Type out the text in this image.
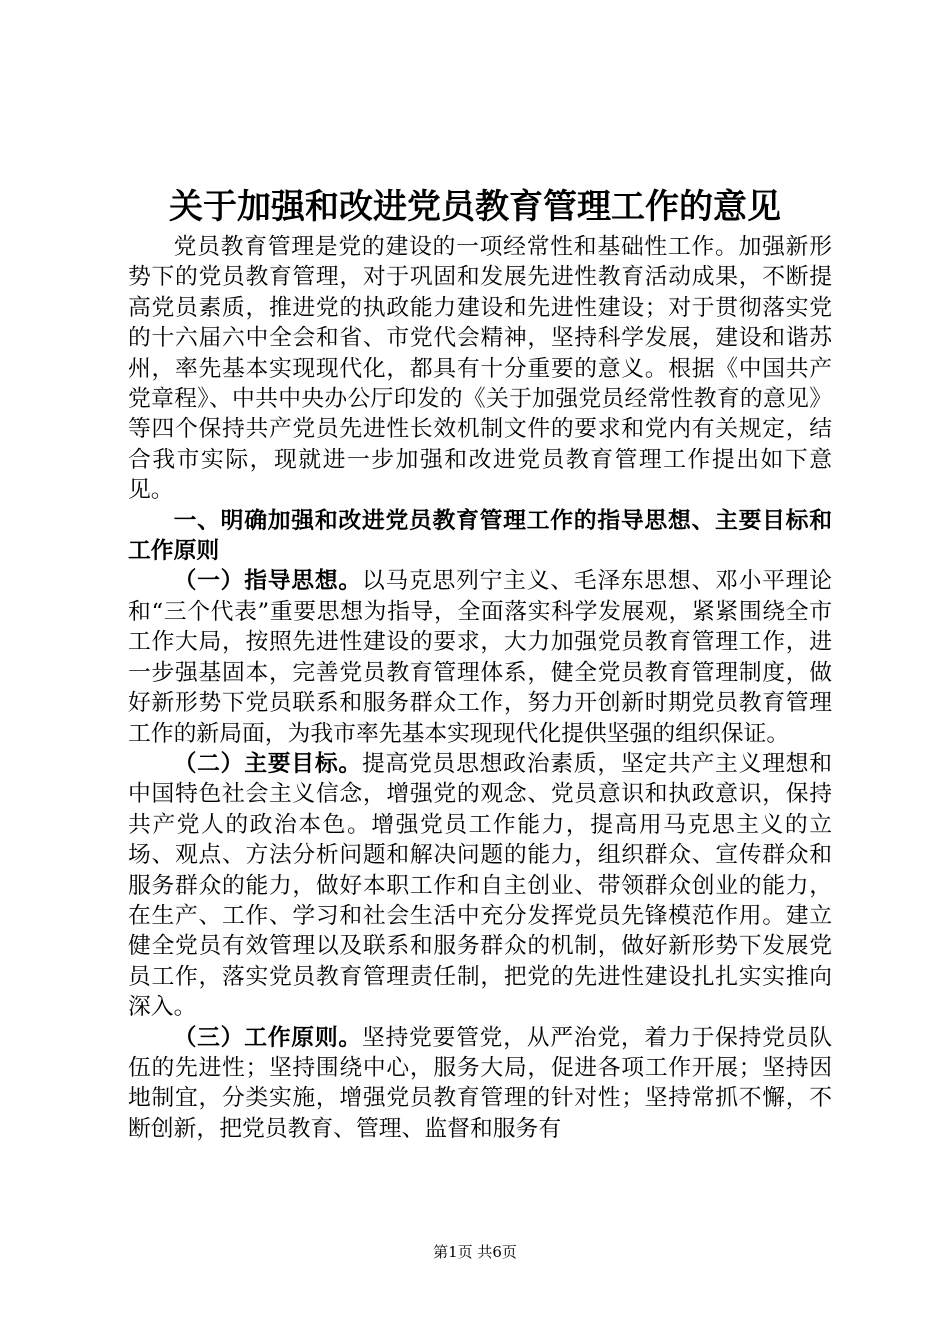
关于加强和改进党员教育管理工作的意见

党员教育管理是党的建设的一项经常性和基础性工作。加强新形势下的党员教育管理，对于巩固和发展先进性教育活动成果，不断提高党员素质，推进党的执政能力建设和先进性建设；对于贯彻落实党的十六届六中全会和省、市党代会精神，坚持科学发展，建设和谐苏州，率先基本实现现代化，都具有十分重要的意义。根据《中国共产党章程》、中共中央办公厅印发的《关于加强党员经常性教育的意见》等四个保持共产党员先进性长效机制文件的要求和党内有关规定，结合我市实际，现就进一步加强和改进党员教育管理工作提出如下意见。

一、明确加强和改进党员教育管理工作的指导思想、主要目标和工作原则

（一）指导思想。以马克思列宁主义、毛泽东思想、邓小平理论和“三个代表”重要思想为指导，全面落实科学发展观，紧紧围绕全市工作大局，按照先进性建设的要求，大力加强党员教育管理工作，进一步强基固本，完善党员教育管理体系，健全党员教育管理制度，做好新形势下党员联系和服务群众工作，努力开创新时期党员教育管理工作的新局面，为我市率先基本实现现代化提供坚强的组织保证。

（二）主要目标。提高党员思想政治素质，坚定共产主义理想和中国特色社会主义信念，增强党的观念、党员意识和执政意识，保持共产党人的政治本色。增强党员工作能力，提高用马克思主义的立场、观点、方法分析问题和解决问题的能力，组织群众、宣传群众和服务群众的能力，做好本职工作和自主创业、带领群众创业的能力，在生产、工作、学习和社会生活中充分发挥党员先锋模范作用。建立健全党员有效管理以及联系和服务群众的机制，做好新形势下发展党员工作，落实党员教育管理责任制，把党的先进性建设扎扎实实推向深入。

（三）工作原则。坚持党要管党，从严治党，着力于保持党员队伍的先进性；坚持围绕中心，服务大局，促进各项工作开展；坚持因地制宜，分类实施，增强党员教育管理的针对性；坚持常抓不懈，不断创新，把党员教育、管理、监督和服务有

第1页 共6页
